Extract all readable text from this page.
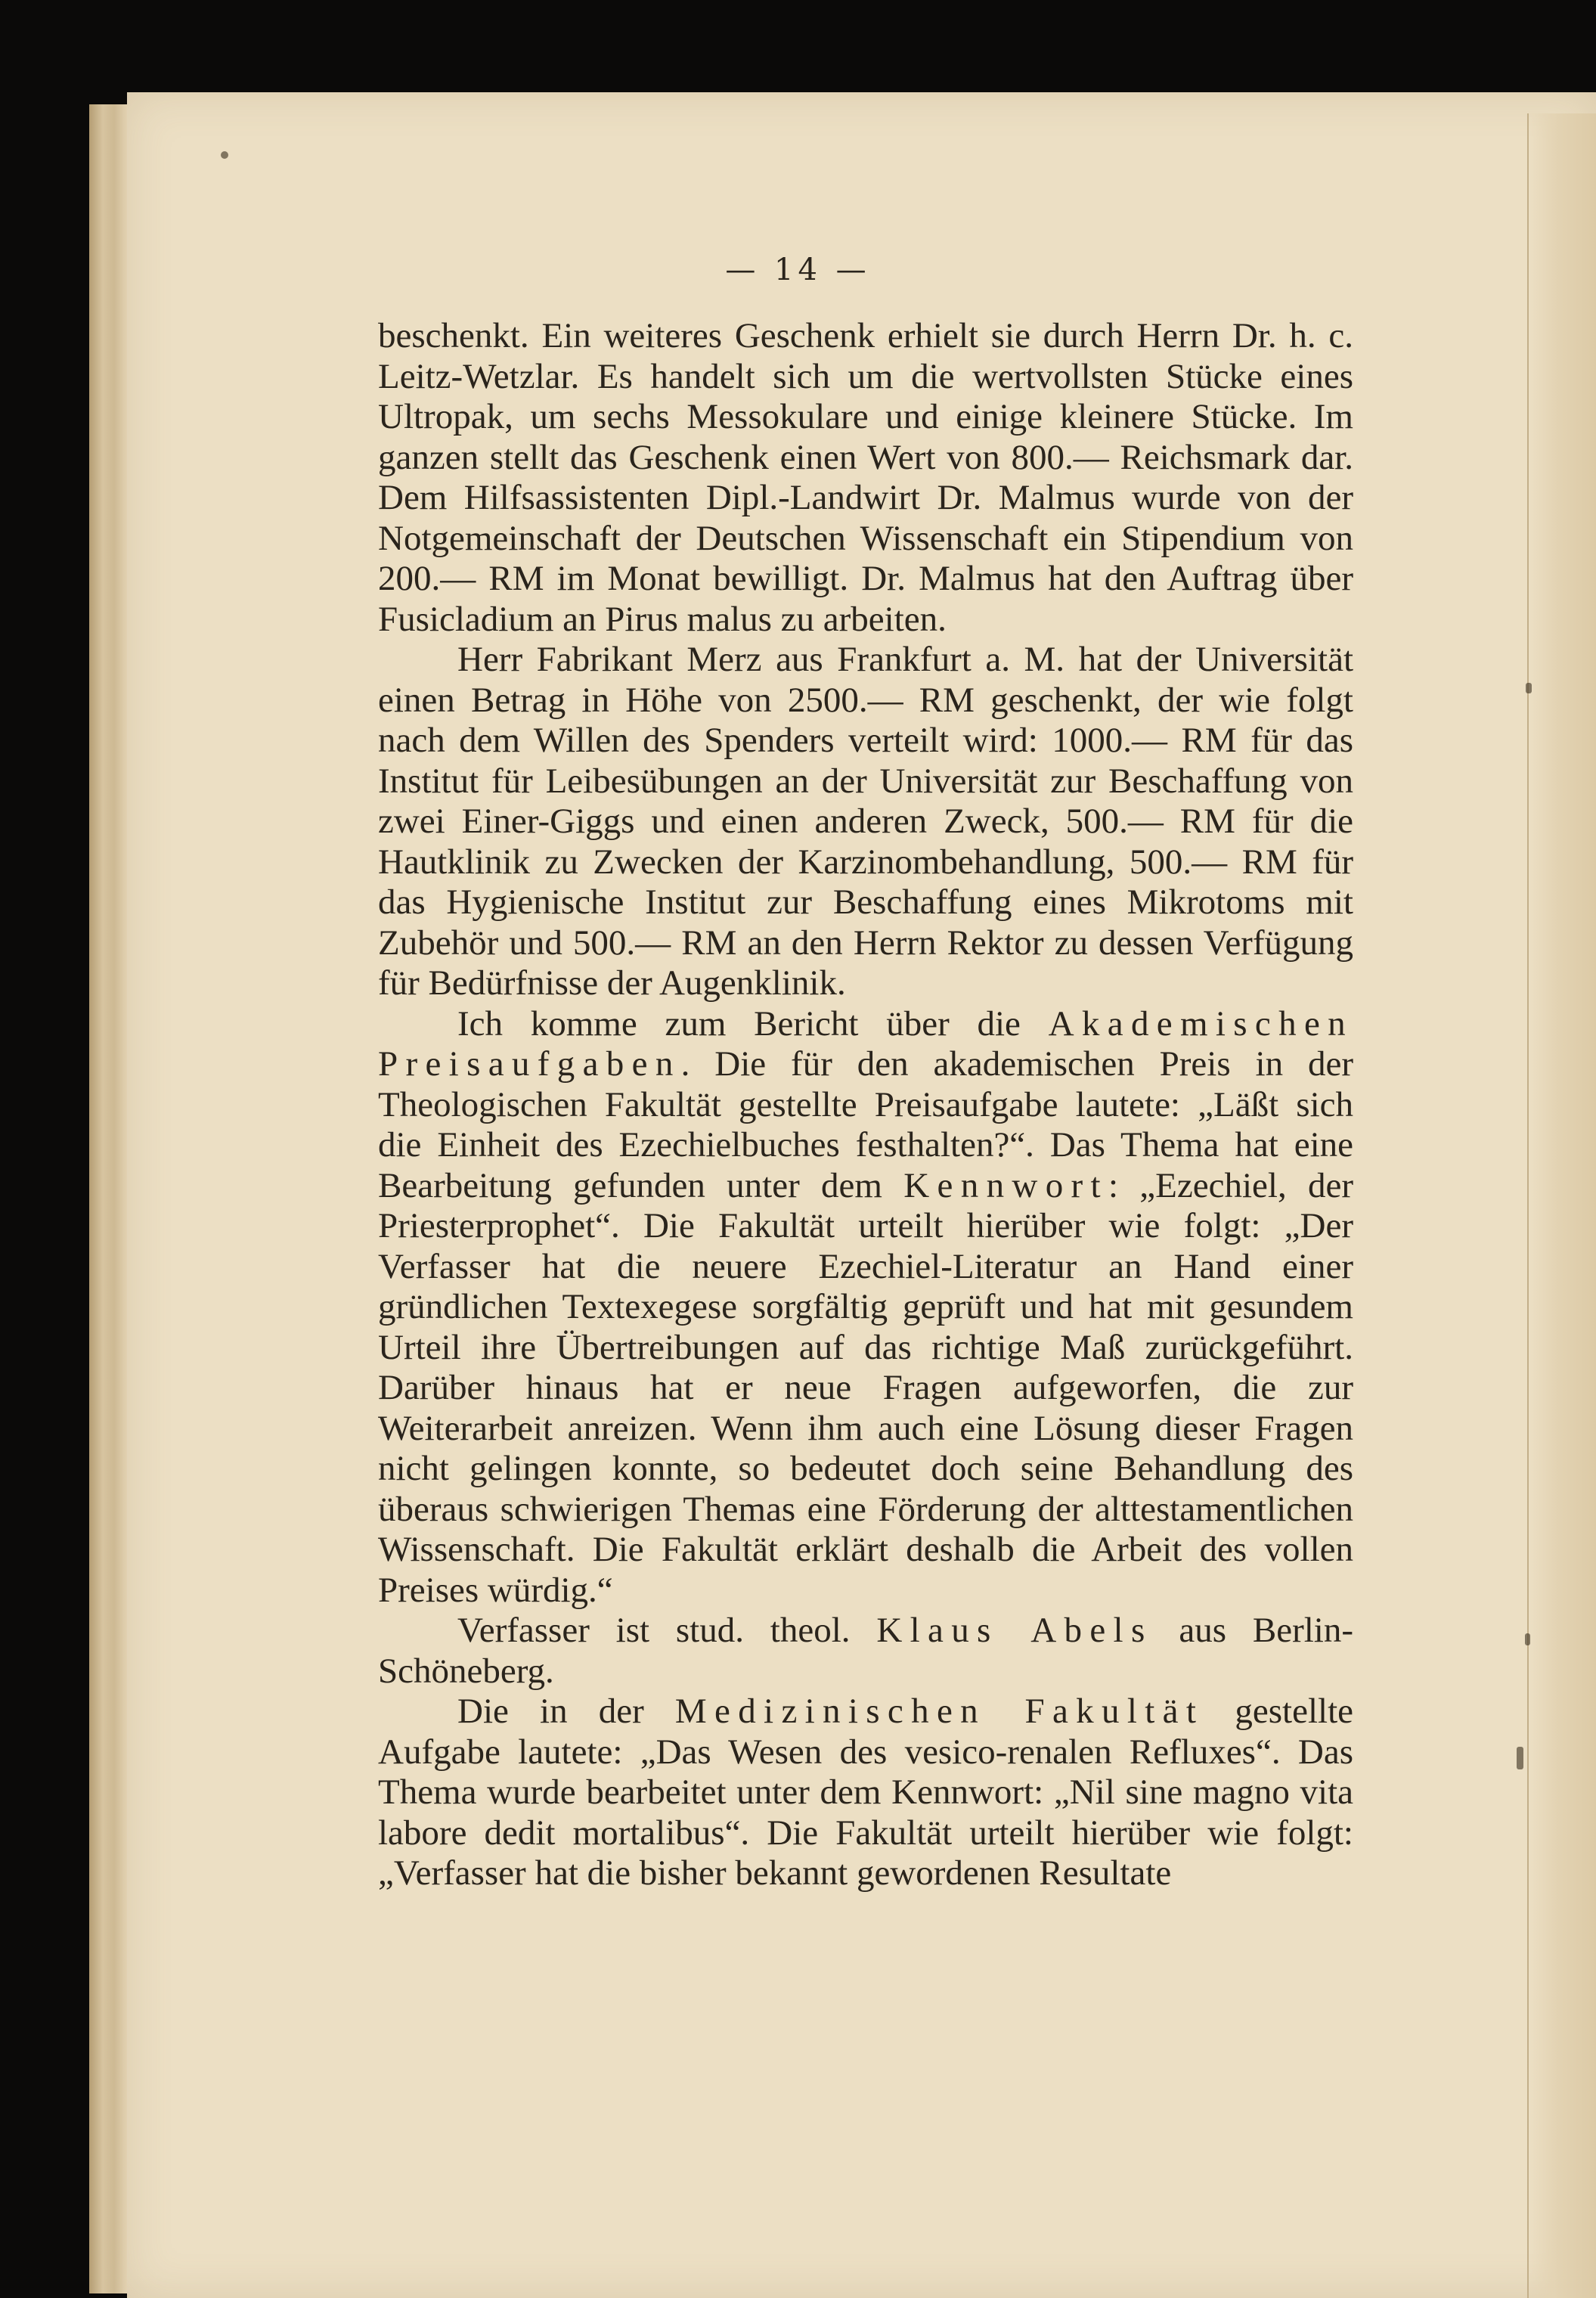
— 14 —

beschenkt. Ein weiteres Geschenk erhielt sie durch Herrn Dr. h. c. Leitz-Wetzlar. Es handelt sich um die wertvollsten Stücke eines Ultropak, um sechs Messokulare und einige kleinere Stücke. Im ganzen stellt das Geschenk einen Wert von 800.— Reichsmark dar. Dem Hilfsassistenten Dipl.-Landwirt Dr. Malmus wurde von der Notgemeinschaft der Deutschen Wissenschaft ein Stipendium von 200.— RM im Monat bewilligt. Dr. Malmus hat den Auftrag über Fusicladium an Pirus malus zu arbeiten.

Herr Fabrikant Merz aus Frankfurt a. M. hat der Universität einen Betrag in Höhe von 2500.— RM geschenkt, der wie folgt nach dem Willen des Spenders verteilt wird: 1000.— RM für das Institut für Leibesübungen an der Universität zur Beschaffung von zwei Einer-Giggs und einen anderen Zweck, 500.— RM für die Hautklinik zu Zwecken der Karzinombehandlung, 500.— RM für das Hygienische Institut zur Beschaffung eines Mikrotoms mit Zubehör und 500.— RM an den Herrn Rektor zu dessen Verfügung für Bedürfnisse der Augenklinik.

Ich komme zum Bericht über die Akademischen Preisaufgaben. Die für den akademischen Preis in der Theologischen Fakultät gestellte Preisaufgabe lautete: „Läßt sich die Einheit des Ezechielbuches festhalten?“. Das Thema hat eine Bearbeitung gefunden unter dem Kennwort: „Ezechiel, der Priesterprophet“. Die Fakultät urteilt hierüber wie folgt: „Der Verfasser hat die neuere Ezechiel-Literatur an Hand einer gründlichen Textexegese sorgfältig geprüft und hat mit gesundem Urteil ihre Übertreibungen auf das richtige Maß zurückgeführt. Darüber hinaus hat er neue Fragen aufgeworfen, die zur Weiterarbeit anreizen. Wenn ihm auch eine Lösung dieser Fragen nicht gelingen konnte, so bedeutet doch seine Behandlung des überaus schwierigen Themas eine Förderung der alttestamentlichen Wissenschaft. Die Fakultät erklärt deshalb die Arbeit des vollen Preises würdig.“

Verfasser ist stud. theol. Klaus Abels aus Berlin-Schöneberg.

Die in der Medizinischen Fakultät gestellte Aufgabe lautete: „Das Wesen des vesico-renalen Refluxes“. Das Thema wurde bearbeitet unter dem Kennwort: „Nil sine magno vita labore dedit mortalibus“. Die Fakultät urteilt hierüber wie folgt: „Verfasser hat die bisher bekannt gewordenen Resultate
